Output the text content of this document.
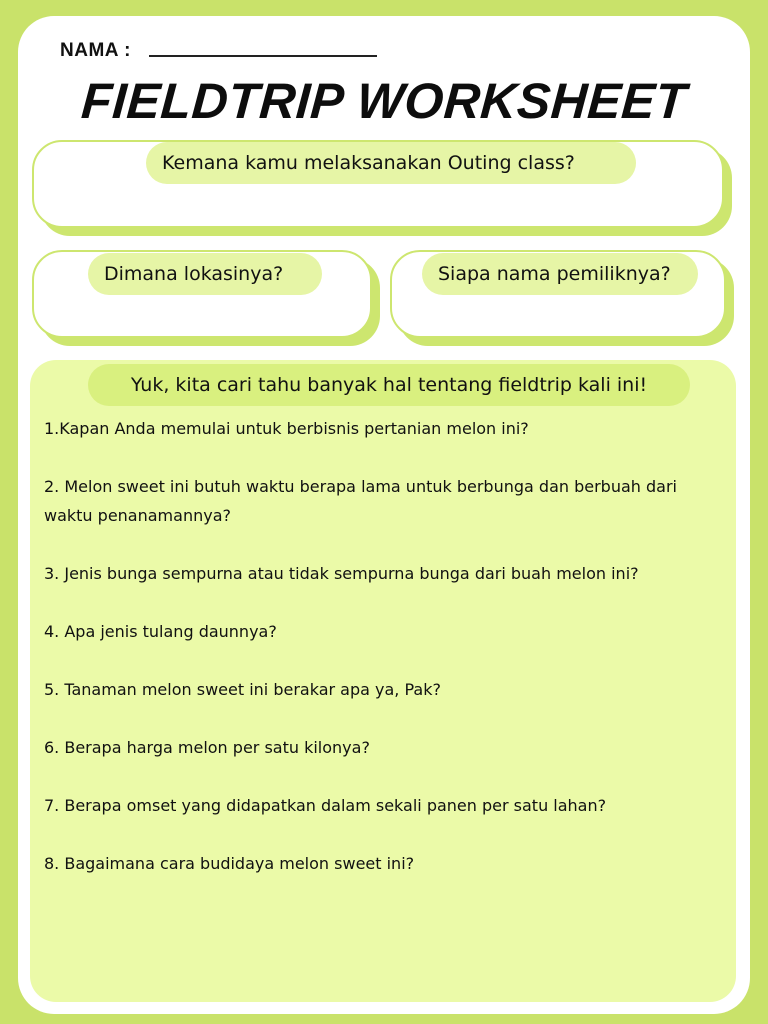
NAMA :
FIELDTRIP WORKSHEET
Kemana kamu melaksanakan Outing class?
Dimana lokasinya?	Siapa nama pemiliknya?
Yuk, kita cari tahu banyak hal tentang fieldtrip kali ini!
1.Kapan Anda memulai untuk berbisnis pertanian melon ini?
2. Melon sweet ini butuh waktu berapa lama untuk berbunga dan berbuah dari waktu penanamannya?
3. Jenis bunga sempurna atau tidak sempurna bunga dari buah melon ini?
4. Apa jenis tulang daunnya?
5. Tanaman melon sweet ini berakar apa ya, Pak?
6. Berapa harga melon per satu kilonya?
7. Berapa omset yang didapatkan dalam sekali panen per satu lahan?
8. Bagaimana cara budidaya melon sweet ini?
